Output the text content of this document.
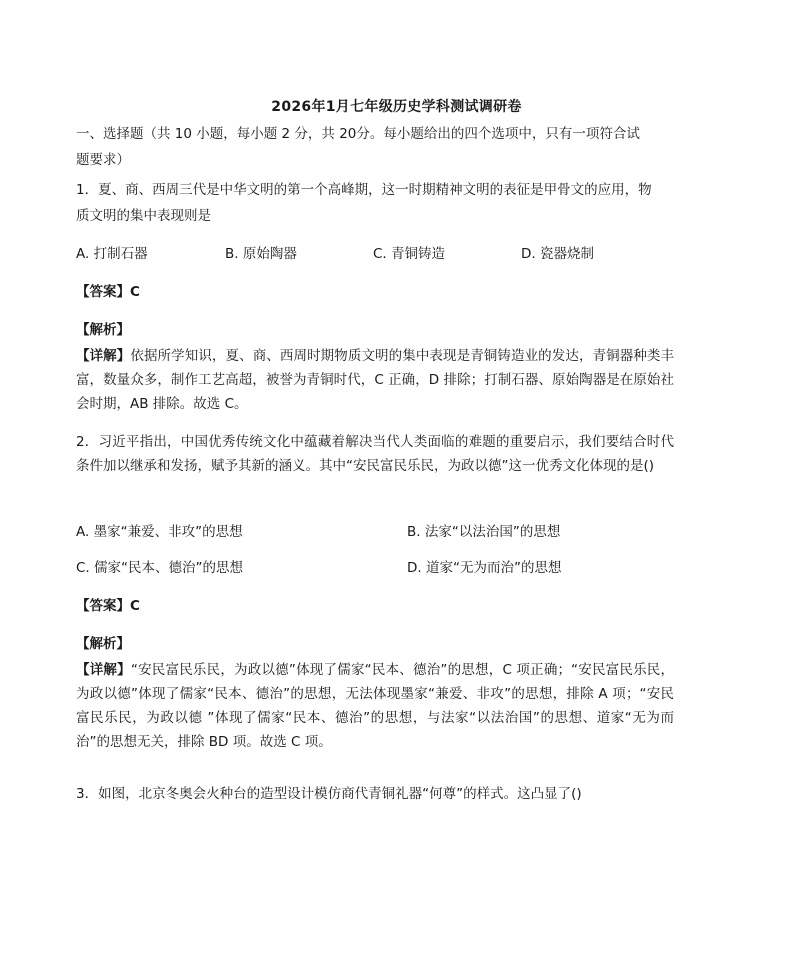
2026年1月七年级历史学科测试调研卷
一、选择题（共 10 小题，每小题 2 分，共 20分。每小题给出的四个选项中，只有一项符合试
题要求）
1．夏、商、西周三代是中华文明的第一个高峰期，这一时期精神文明的表征是甲骨文的应用，物
质文明的集中表现则是
A. 打制石器	B. 原始陶器	C. 青铜铸造	D. 瓷器烧制
【答案】C
【解析】
【详解】依据所学知识，夏、商、西周时期物质文明的集中表现是青铜铸造业的发达，青铜器种类丰富，数量众多，制作工艺高超，被誉为青铜时代，C 正确，D 排除；打制石器、原始陶器是在原始社会时期，AB 排除。故选 C。
2．习近平指出，中国优秀传统文化中蕴藏着解决当代人类面临的难题的重要启示，我们要结合时代条件加以继承和发扬，赋予其新的涵义。其中“安民富民乐民，为政以德”这一优秀文化体现的是()
A. 墨家“兼爱、非攻”的思想	B. 法家“以法治国”的思想
C. 儒家“民本、德治”的思想	D. 道家“无为而治”的思想
【答案】C
【解析】
【详解】“安民富民乐民，为政以德”体现了儒家“民本、德治”的思想，C 项正确；“安民富民乐民，为政以德”体现了儒家“民本、德治”的思想，无法体现墨家“兼爱、非攻”的思想，排除 A 项；“安民富民乐民，为政以德 ”体现了儒家“民本、德治”的思想，与法家“以法治国”的思想、道家“无为而治”的思想无关，排除 BD 项。故选 C 项。
3．如图，北京冬奥会火种台的造型设计模仿商代青铜礼器“何尊”的样式。这凸显了()
